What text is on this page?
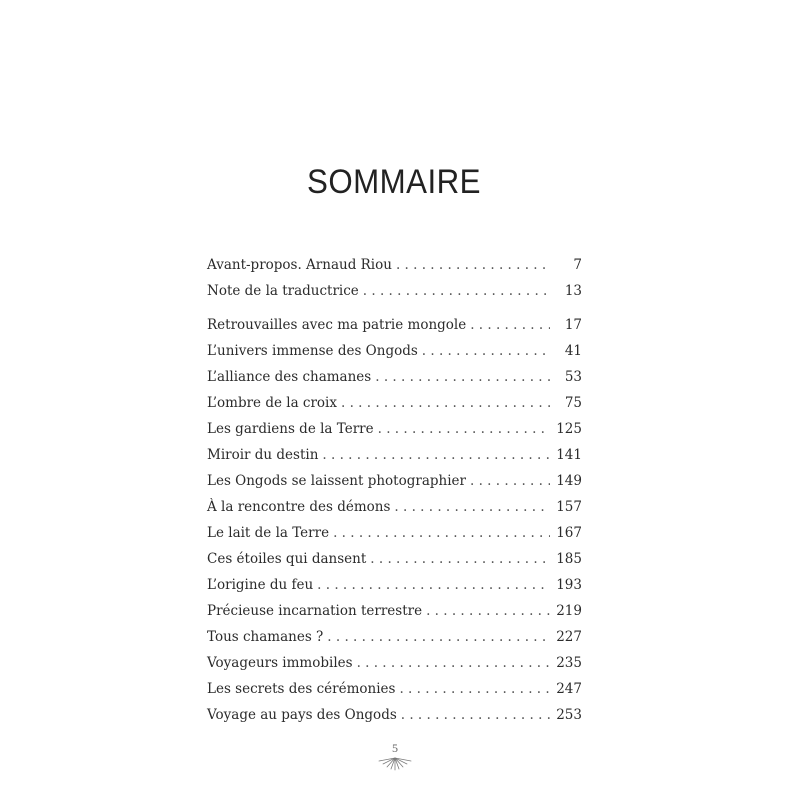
SOMMAIRE
Avant-propos. Arnaud Riou . . .	7
Note de la traductrice . . .	13
Retrouvailles avec ma patrie mongole . . .	17
L’univers immense des Ongods . . .	41
L’alliance des chamanes . . .	53
L’ombre de la croix . . .	75
Les gardiens de la Terre . . .	125
Miroir du destin . . .	141
Les Ongods se laissent photographier . . .	149
À la rencontre des démons . . .	157
Le lait de la Terre . . .	167
Ces étoiles qui dansent . . .	185
L’origine du feu . . .	193
Précieuse incarnation terrestre . . .	219
Tous chamanes ? . . .	227
Voyageurs immobiles . . .	235
Les secrets des cérémonies . . .	247
Voyage au pays des Ongods . . .	253
5
